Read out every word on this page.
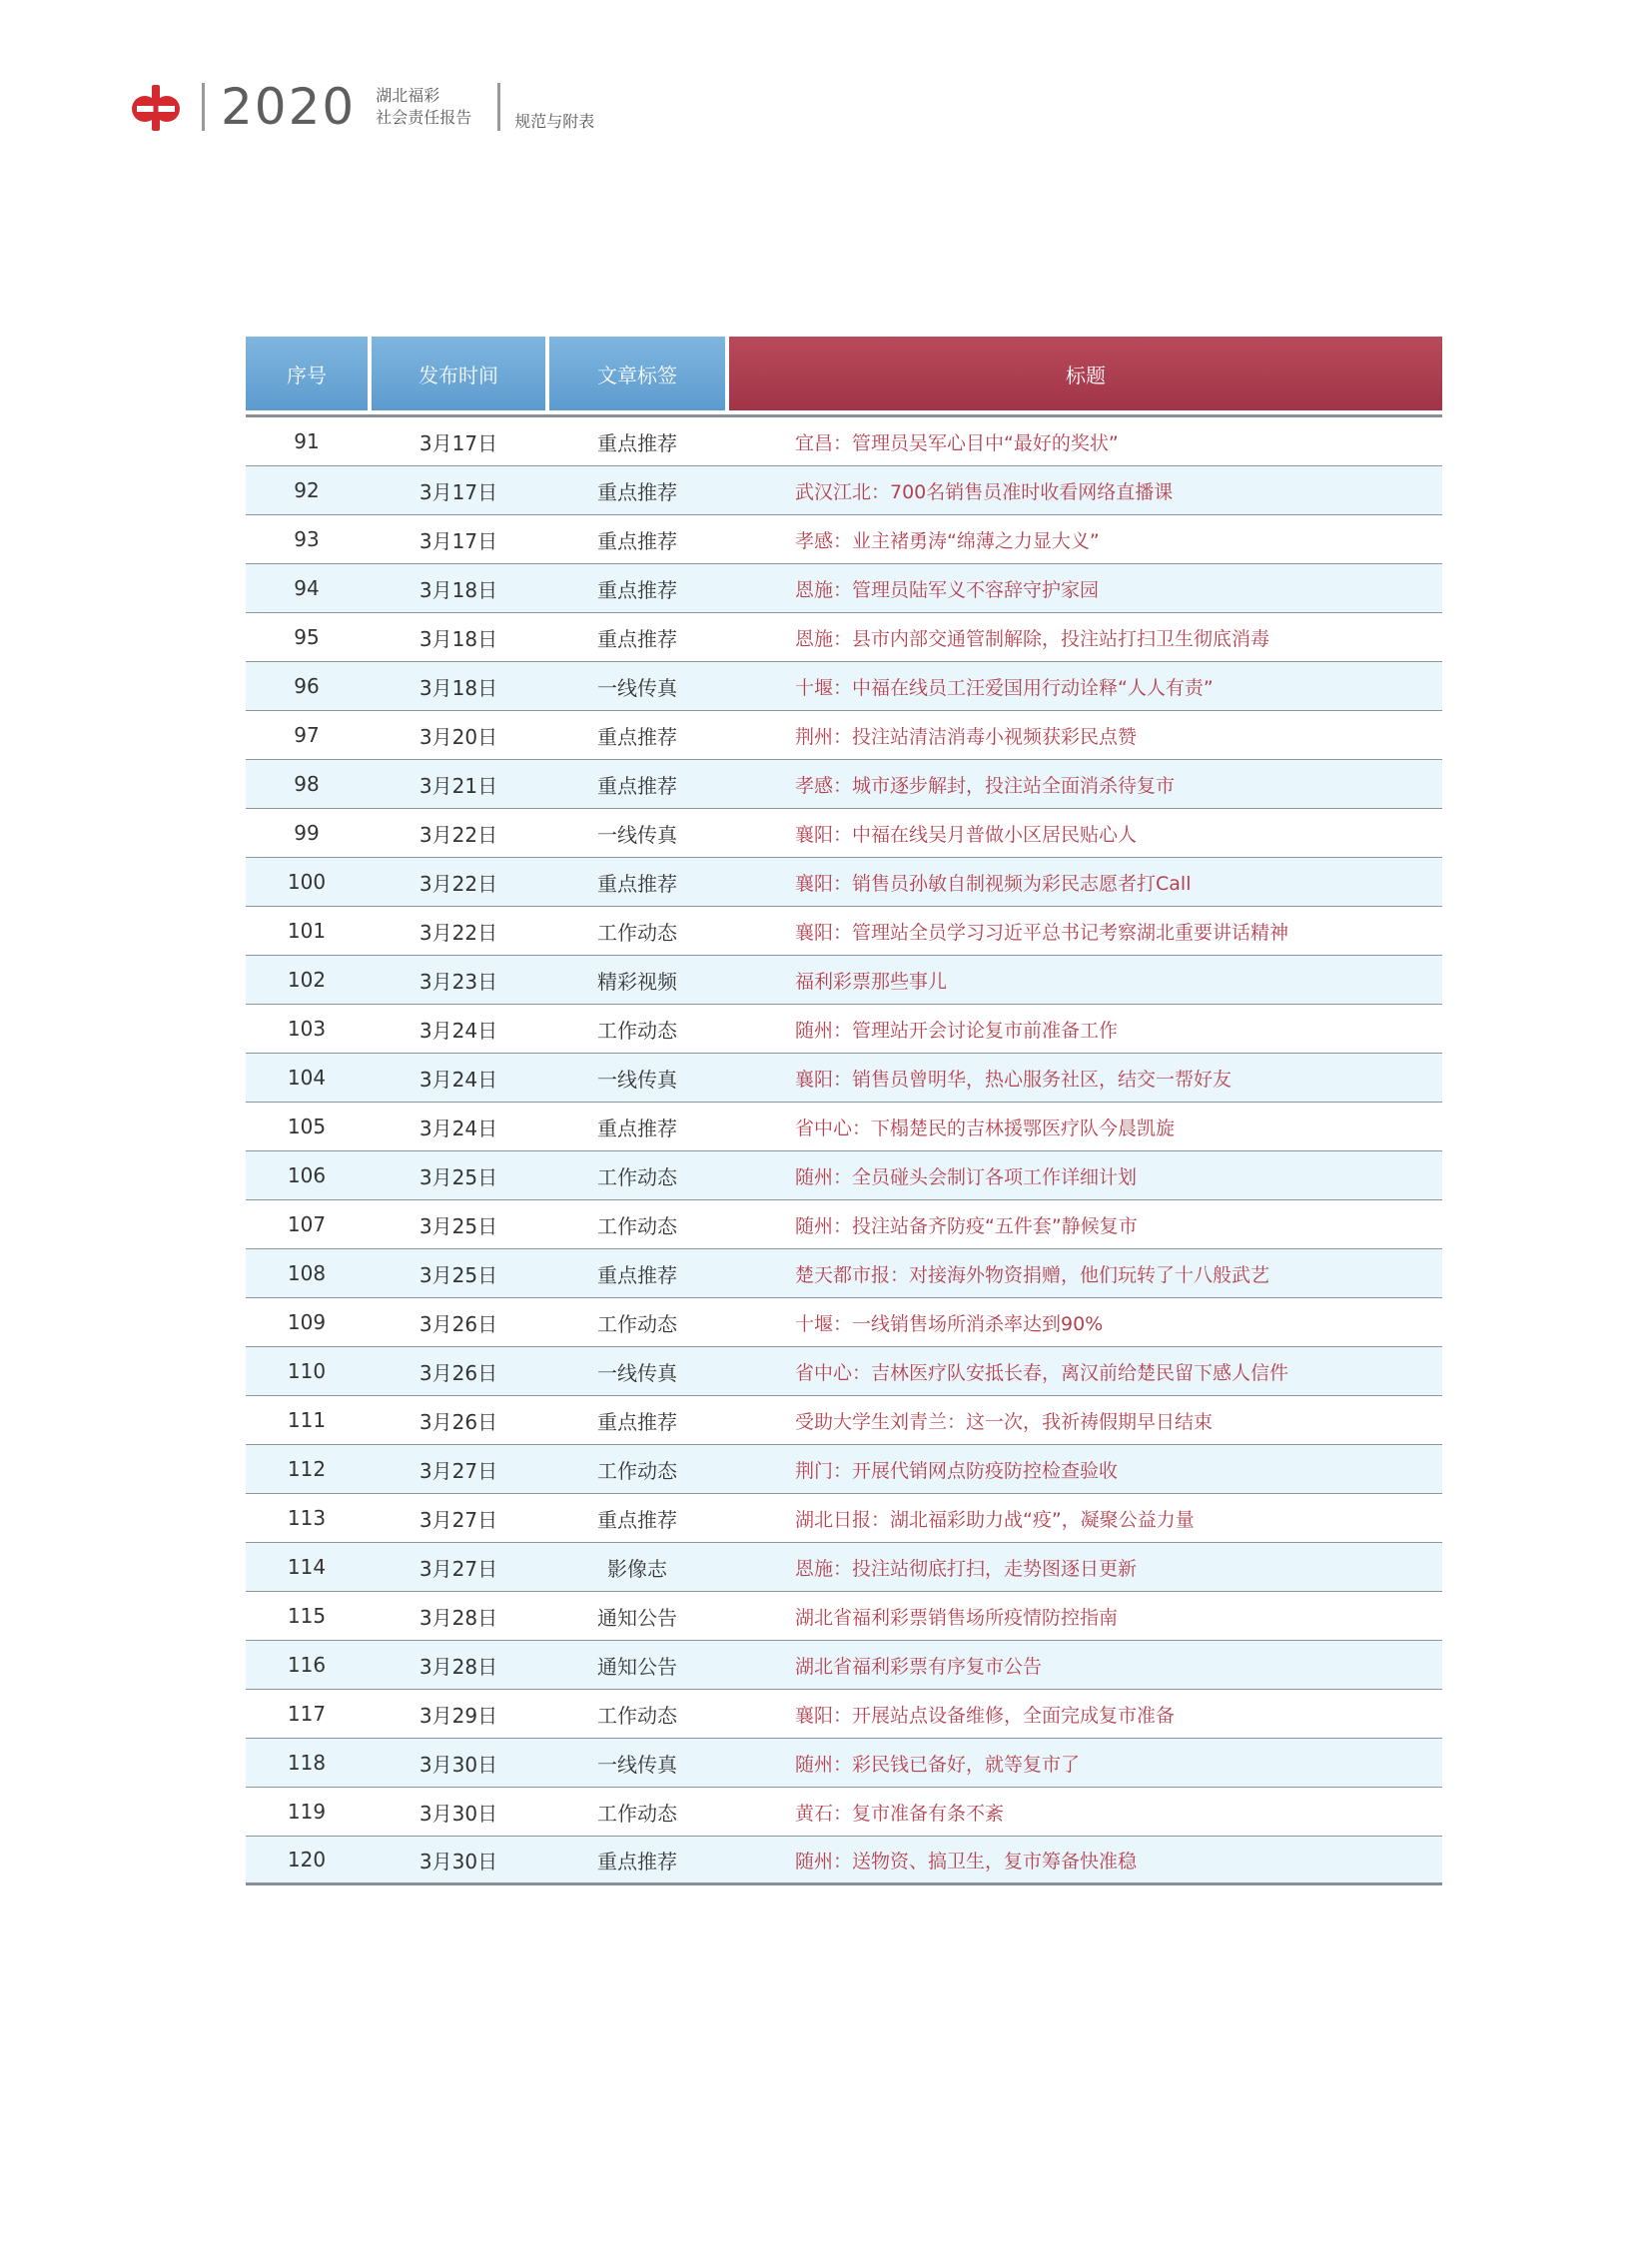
2020 湖北福彩
社会责任报告	规范与附表
序号	发布时间	文章标签	标题
91	3月17日	重点推荐	宜昌：管理员吴军心目中“最好的奖状”
92	3月17日	重点推荐	武汉江北：700名销售员准时收看网络直播课
93	3月17日	重点推荐	孝感：业主褚勇涛“绵薄之力显大义”
94	3月18日	重点推荐	恩施：管理员陆军义不容辞守护家园
95	3月18日	重点推荐	恩施：县市内部交通管制解除，投注站打扫卫生彻底消毒
96	3月18日	一线传真	十堰：中福在线员工汪爱国用行动诠释“人人有责”
97	3月20日	重点推荐	荆州：投注站清洁消毒小视频获彩民点赞
98	3月21日	重点推荐	孝感：城市逐步解封，投注站全面消杀待复市
99	3月22日	一线传真	襄阳：中福在线吴月普做小区居民贴心人
100	3月22日	重点推荐	襄阳：销售员孙敏自制视频为彩民志愿者打Call
101	3月22日	工作动态	襄阳：管理站全员学习习近平总书记考察湖北重要讲话精神
102	3月23日	精彩视频	福利彩票那些事儿
103	3月24日	工作动态	随州：管理站开会讨论复市前准备工作
104	3月24日	一线传真	襄阳：销售员曾明华，热心服务社区，结交一帮好友
105	3月24日	重点推荐	省中心：下榻楚民的吉林援鄂医疗队今晨凯旋
106	3月25日	工作动态	随州：全员碰头会制订各项工作详细计划
107	3月25日	工作动态	随州：投注站备齐防疫“五件套”静候复市
108	3月25日	重点推荐	楚天都市报：对接海外物资捐赠，他们玩转了十八般武艺
109	3月26日	工作动态	十堰：一线销售场所消杀率达到90%
110	3月26日	一线传真	省中心：吉林医疗队安抵长春，离汉前给楚民留下感人信件
111	3月26日	重点推荐	受助大学生刘青兰：这一次，我祈祷假期早日结束
112	3月27日	工作动态	荆门：开展代销网点防疫防控检查验收
113	3月27日	重点推荐	湖北日报：湖北福彩助力战“疫”，凝聚公益力量
114	3月27日	影像志	恩施：投注站彻底打扫，走势图逐日更新
115	3月28日	通知公告	湖北省福利彩票销售场所疫情防控指南
116	3月28日	通知公告	湖北省福利彩票有序复市公告
117	3月29日	工作动态	襄阳：开展站点设备维修，全面完成复市准备
118	3月30日	一线传真	随州：彩民钱已备好，就等复市了
119	3月30日	工作动态	黄石：复市准备有条不紊
120	3月30日	重点推荐	随州：送物资、搞卫生，复市筹备快准稳
